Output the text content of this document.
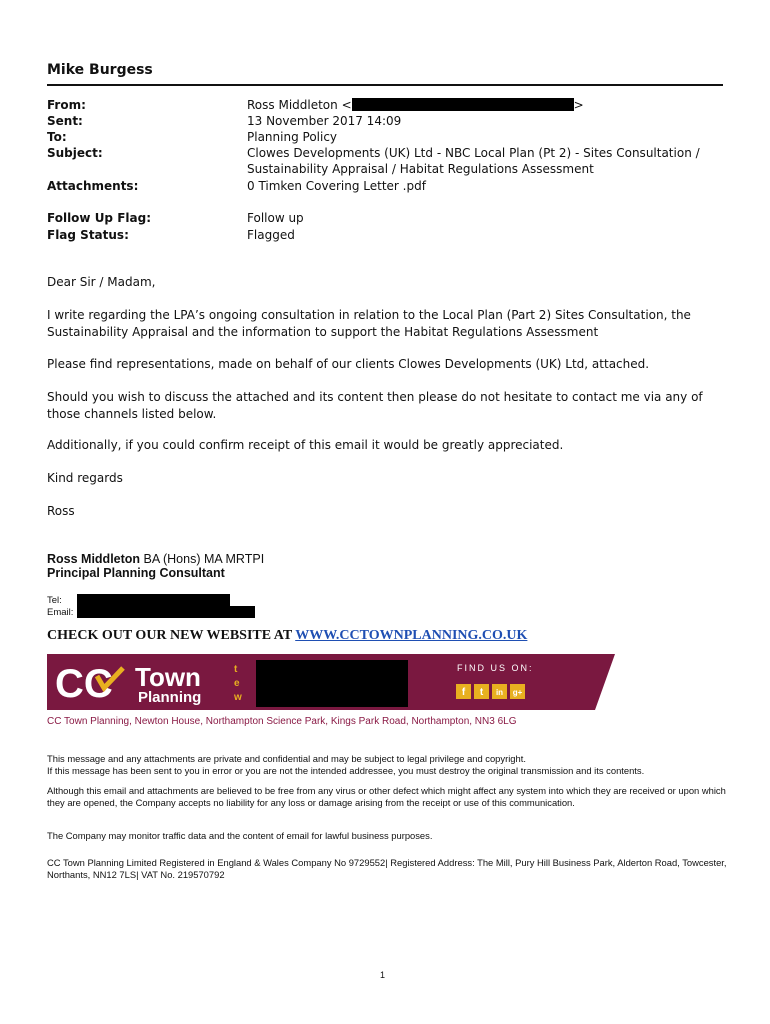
Mike Burgess
From:	Ross Middleton <	>
Sent:	13 November 2017 14:09
To:	Planning Policy
Subject:	Clowes Developments (UK) Ltd - NBC Local Plan (Pt 2) - Sites Consultation /
Sustainability Appraisal / Habitat Regulations Assessment
Attachments:	0 Timken Covering Letter .pdf
Follow Up Flag:	Follow up
Flag Status:	Flagged
Dear Sir / Madam,
I write regarding the LPA’s ongoing consultation in relation to the Local Plan (Part 2) Sites Consultation, the Sustainability Appraisal and the information to support the Habitat Regulations Assessment
Please find representations, made on behalf of our clients Clowes Developments (UK) Ltd, attached.
Should you wish to discuss the attached and its content then please do not hesitate to contact me via any of those channels listed below.
Additionally, if you could confirm receipt of this email it would be greatly appreciated.
Kind regards
Ross
Ross Middleton BA (Hons) MA MRTPI
Principal Planning Consultant
Tel:
Email:
CHECK OUT OUR NEW WEBSITE AT WWW.CCTOWNPLANNING.CO.UK
CC Town
Planning
t
e
w
FIND US ON:
f t in g+
CC Town Planning, Newton House, Northampton Science Park, Kings Park Road, Northampton, NN3 6LG
This message and any attachments are private and confidential and may be subject to legal privilege and copyright.
If this message has been sent to you in error or you are not the intended addressee, you must destroy the original transmission and its contents.
Although this email and attachments are believed to be free from any virus or other defect which might affect any system into which they are received or upon which they are opened, the Company accepts no liability for any loss or damage arising from the receipt or use of this communication.
The Company may monitor traffic data and the content of email for lawful business purposes.
CC Town Planning Limited Registered in England & Wales Company No 9729552| Registered Address: The Mill, Pury Hill Business Park, Alderton Road, Towcester, Northants, NN12 7LS| VAT No. 219570792
1
